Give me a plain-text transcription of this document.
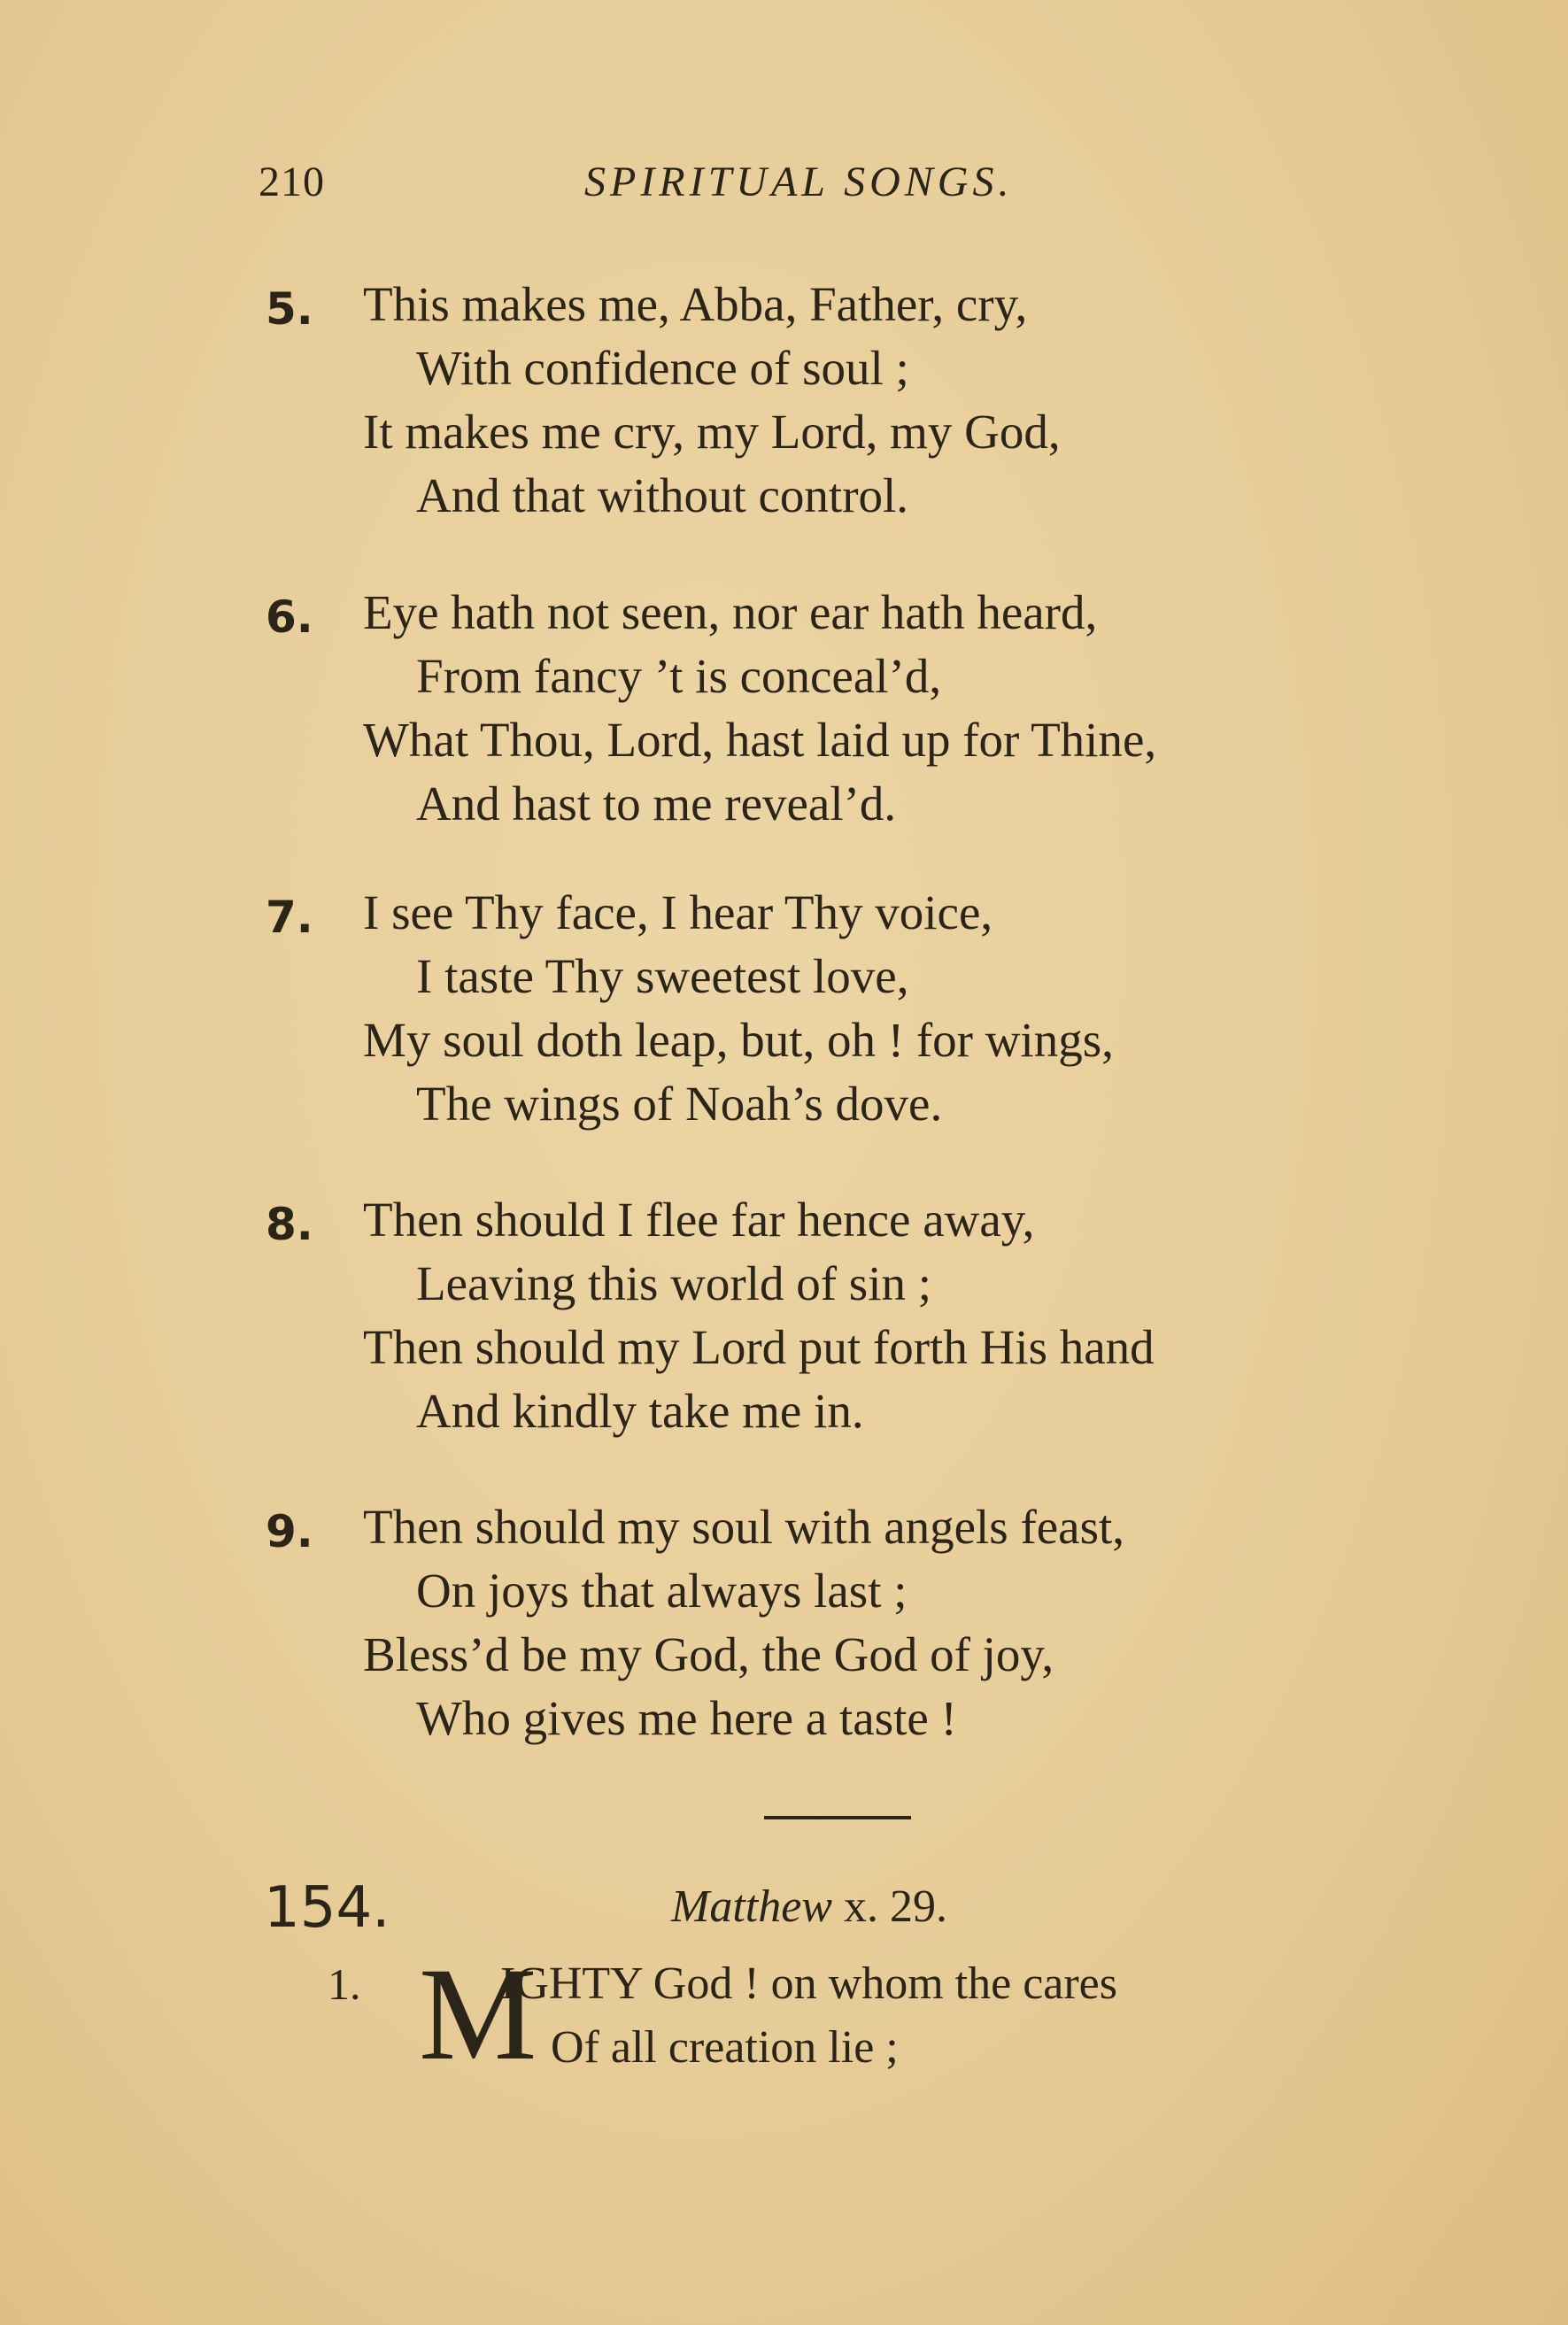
210	SPIRITUAL SONGS.
5. This makes me, Abba, Father, cry,
With confidence of soul ;
It makes me cry, my Lord, my God,
And that without control.
6. Eye hath not seen, nor ear hath heard,
From fancy ’t is conceal’d,
What Thou, Lord, hast laid up for Thine,
And hast to me reveal’d.
7. I see Thy face, I hear Thy voice,
I taste Thy sweetest love,
My soul doth leap, but, oh ! for wings,
The wings of Noah’s dove.
8. Then should I flee far hence away,
Leaving this world of sin ;
Then should my Lord put forth His hand
And kindly take me in.
9. Then should my soul with angels feast,
On joys that always last ;
Bless’d be my God, the God of joy,
Who gives me here a taste !
154.	Matthew x. 29.
1. M
IGHTY God ! on whom the cares
Of all creation lie ;
